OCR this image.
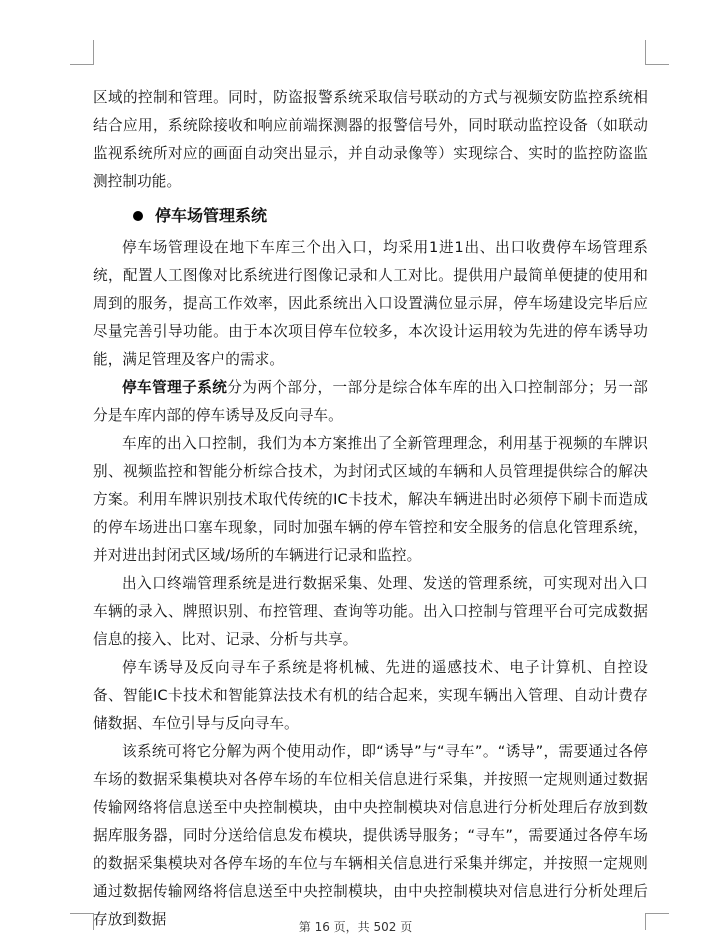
区域的控制和管理。同时，防盗报警系统采取信号联动的方式与视频安防监控系统相结合应用，系统除接收和响应前端探测器的报警信号外，同时联动监控设备（如联动监视系统所对应的画面自动突出显示，并自动录像等）实现综合、实时的监控防盗监测控制功能。

停车场管理系统

停车场管理设在地下车库三个出入口，均采用1进1出、出口收费停车场管理系统，配置人工图像对比系统进行图像记录和人工对比。提供用户最简单便捷的使用和周到的服务，提高工作效率，因此系统出入口设置满位显示屏，停车场建设完毕后应尽量完善引导功能。由于本次项目停车位较多，本次设计运用较为先进的停车诱导功能，满足管理及客户的需求。

停车管理子系统分为两个部分，一部分是综合体车库的出入口控制部分；另一部分是车库内部的停车诱导及反向寻车。

车库的出入口控制，我们为本方案推出了全新管理理念，利用基于视频的车牌识别、视频监控和智能分析综合技术，为封闭式区域的车辆和人员管理提供综合的解决方案。利用车牌识别技术取代传统的IC卡技术，解决车辆进出时必须停下刷卡而造成的停车场进出口塞车现象，同时加强车辆的停车管控和安全服务的信息化管理系统，并对进出封闭式区域/场所的车辆进行记录和监控。

出入口终端管理系统是进行数据采集、处理、发送的管理系统，可实现对出入口车辆的录入、牌照识别、布控管理、查询等功能。出入口控制与管理平台可完成数据信息的接入、比对、记录、分析与共享。

停车诱导及反向寻车子系统是将机械、先进的遥感技术、电子计算机、自控设备、智能IC卡技术和智能算法技术有机的结合起来，实现车辆出入管理、自动计费存储数据、车位引导与反向寻车。

该系统可将它分解为两个使用动作，即“诱导”与“寻车”。“诱导”，需要通过各停车场的数据采集模块对各停车场的车位相关信息进行采集，并按照一定规则通过数据传输网络将信息送至中央控制模块，由中央控制模块对信息进行分析处理后存放到数据库服务器，同时分送给信息发布模块，提供诱导服务；“寻车”，需要通过各停车场的数据采集模块对各停车场的车位与车辆相关信息进行采集并绑定，并按照一定规则通过数据传输网络将信息送至中央控制模块，由中央控制模块对信息进行分析处理后存放到数据	第 16 页，共 502 页
